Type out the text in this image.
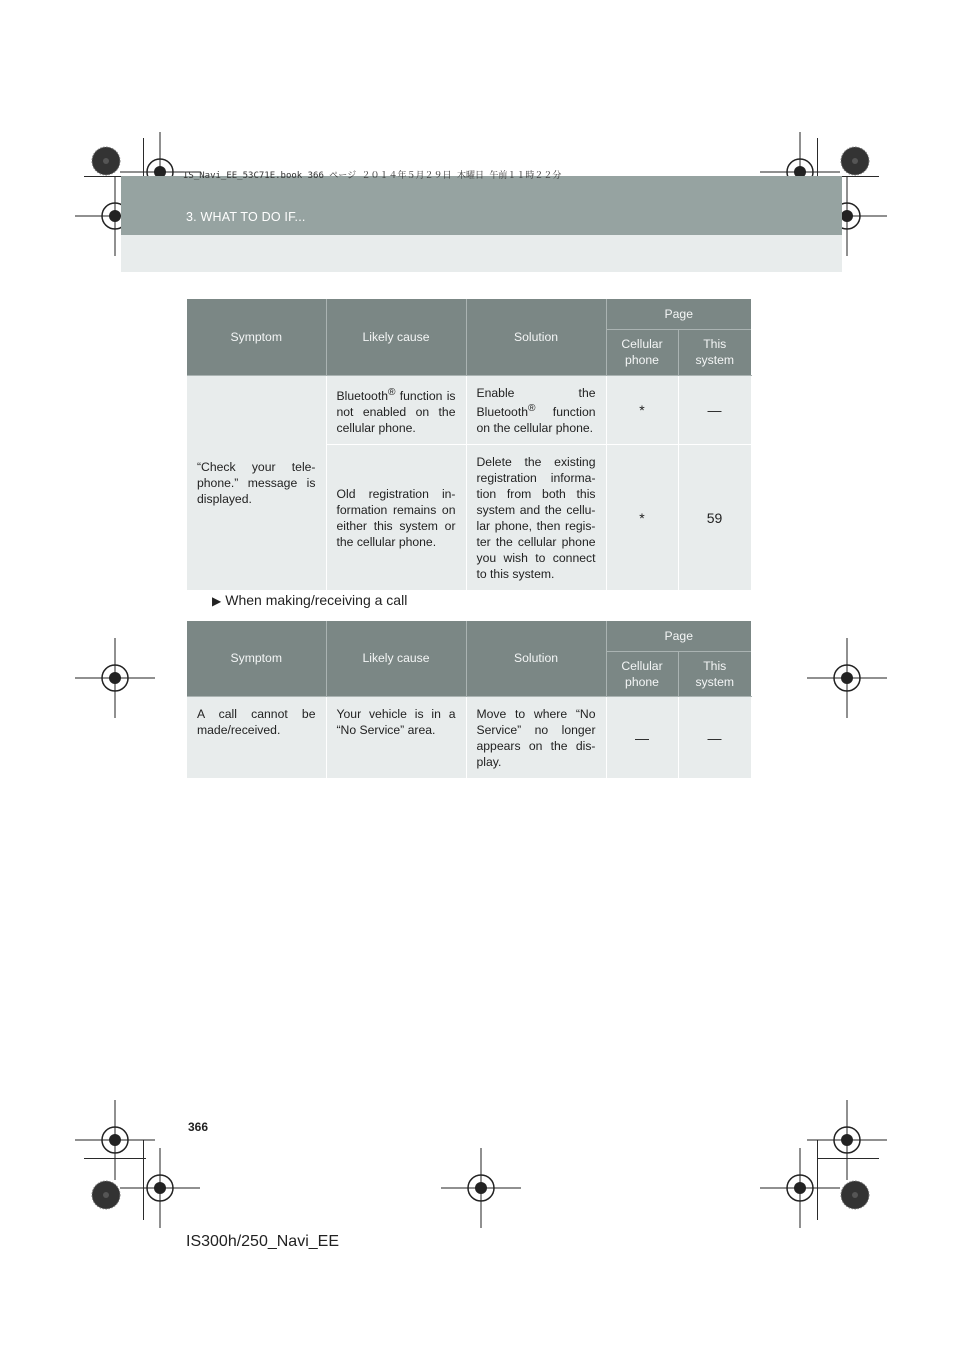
IS_Navi_EE_53C71E.book 366 ページ ２０１４年５月２９日 木曜日 午前１１時２２分
3. WHAT TO DO IF...
Symptom	Likely cause	Solution	Page	
			Cellular phone	This system
“Check your tele-phone.” message is displayed.	Bluetooth® function is not enabled on the cellular phone.	Enable the Bluetooth® function on the cellular phone.	*	—
	Old registration in-formation remains on either this system or the cellular phone.	Delete the existing registration informa-tion from both this system and the cellu-lar phone, then regis-ter the cellular phone you wish to connect to this system.	*	59
▶ When making/receiving a call
Symptom	Likely cause	Solution	Page	
			Cellular phone	This system
A call cannot be made/received.	Your vehicle is in a “No Service” area.	Move to where “No Service” no longer appears on the dis-play.	—	—
366
IS300h/250_Navi_EE
